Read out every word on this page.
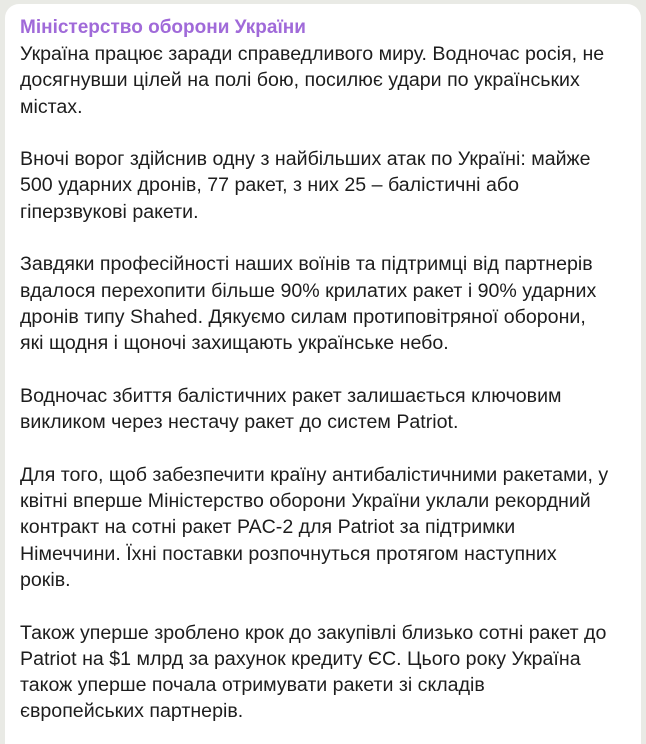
Міністерство оборони України
Україна працює заради справедливого миру. Водночас росія, не
досягнувши цілей на полі бою, посилює удари по українських
містах.
Вночі ворог здійснив одну з найбільших атак по Україні: майже
500 ударних дронів, 77 ракет, з них 25 – балістичні або
гіперзвукові ракети.
Завдяки професійності наших воїнів та підтримці від партнерів
вдалося перехопити більше 90% крилатих ракет і 90% ударних
дронів типу Shahed. Дякуємо силам протиповітряної оборони,
які щодня і щоночі захищають українське небо.
Водночас збиття балістичних ракет залишається ключовим
викликом через нестачу ракет до систем Patriot.
Для того, щоб забезпечити країну антибалістичними ракетами, у
квітні вперше Міністерство оборони України уклали рекордний
контракт на сотні ракет PAC-2 для Patriot за підтримки
Німеччини. Їхні поставки розпочнуться протягом наступних
років.
Також уперше зроблено крок до закупівлі близько сотні ракет до
Patriot на $1 млрд за рахунок кредиту ЄС. Цього року Україна
також уперше почала отримувати ракети зі складів
європейських партнерів.
